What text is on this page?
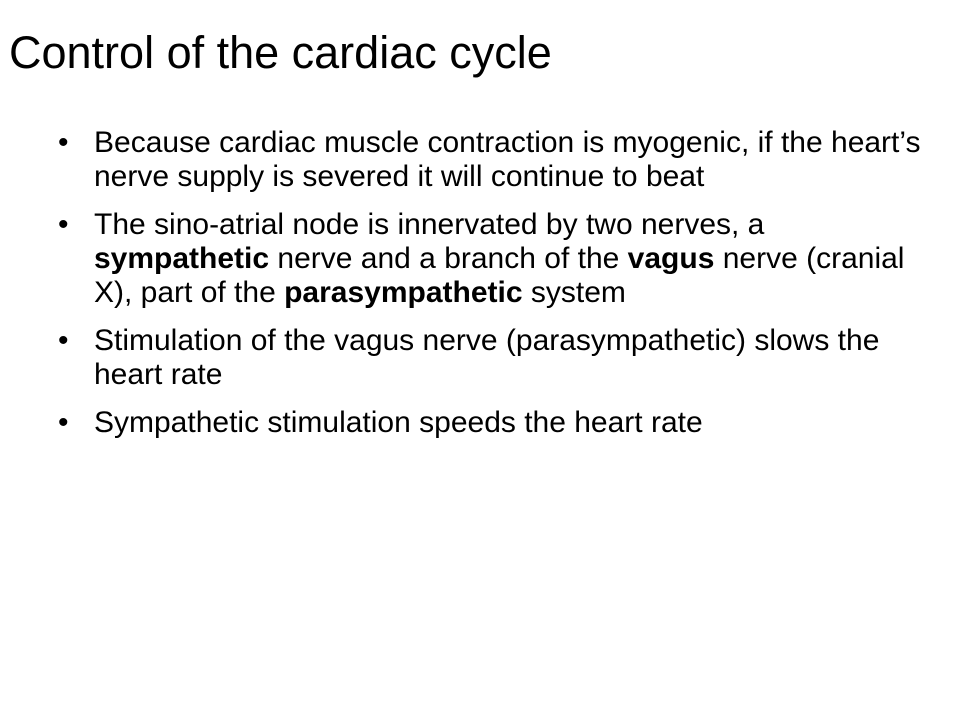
Control of the cardiac cycle
• Because cardiac muscle contraction is myogenic, if the heart’s nerve supply is severed it will continue to beat
• The sino-atrial node is innervated by two nerves, a sympathetic nerve and a branch of the vagus nerve (cranial X), part of the parasympathetic system
• Stimulation of the vagus nerve (parasympathetic) slows the heart rate
• Sympathetic stimulation speeds the heart rate
